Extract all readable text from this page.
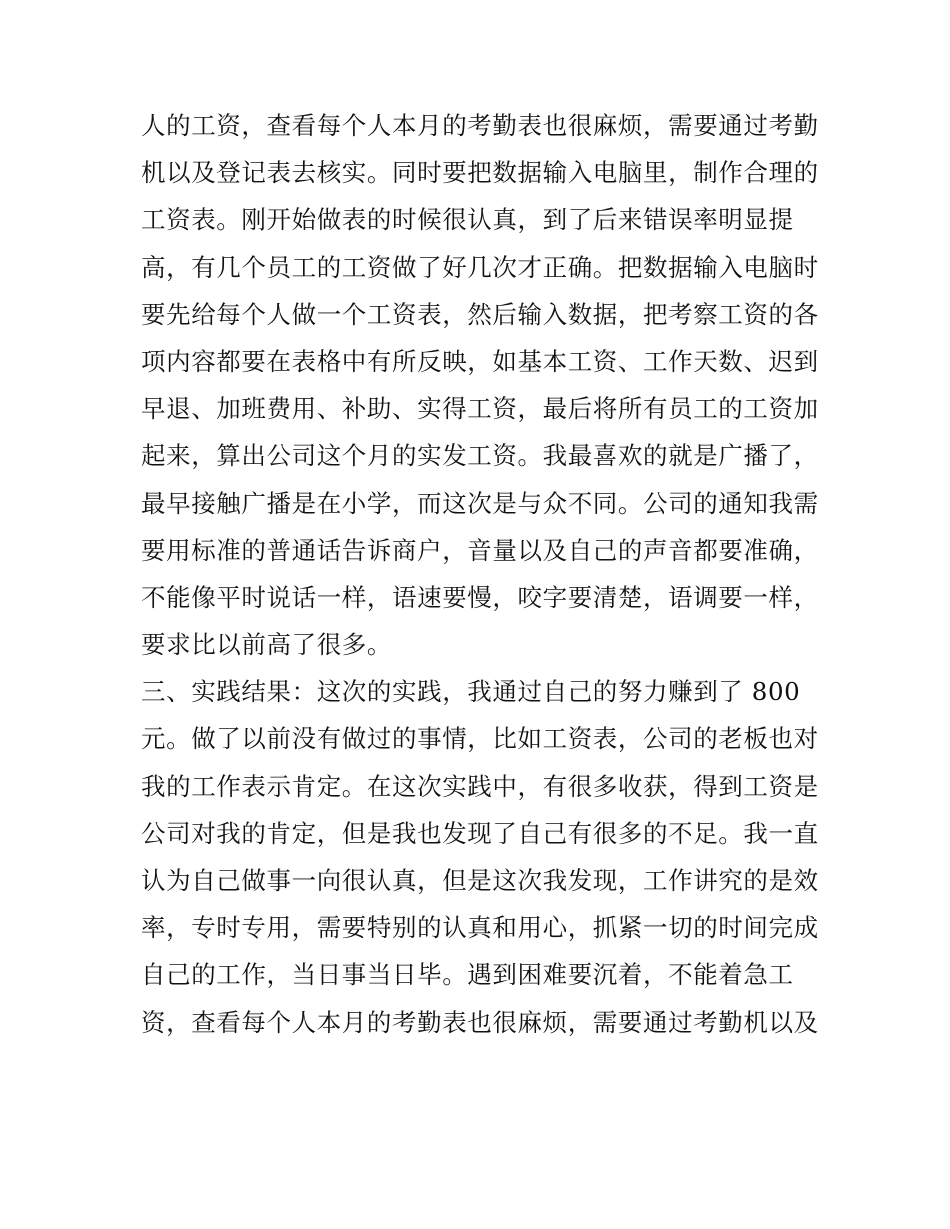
人的工资，查看每个人本月的考勤表也很麻烦，需要通过考勤
机以及登记表去核实。同时要把数据输入电脑里，制作合理的
工资表。刚开始做表的时候很认真，到了后来错误率明显提
高，有几个员工的工资做了好几次才正确。把数据输入电脑时
要先给每个人做一个工资表，然后输入数据，把考察工资的各
项内容都要在表格中有所反映，如基本工资、工作天数、迟到
早退、加班费用、补助、实得工资，最后将所有员工的工资加
起来，算出公司这个月的实发工资。我最喜欢的就是广播了，
最早接触广播是在小学，而这次是与众不同。公司的通知我需
要用标准的普通话告诉商户，音量以及自己的声音都要准确，
不能像平时说话一样，语速要慢，咬字要清楚，语调要一样，
要求比以前高了很多。
三、实践结果：这次的实践，我通过自己的努力赚到了 800
元。做了以前没有做过的事情，比如工资表，公司的老板也对
我的工作表示肯定。在这次实践中，有很多收获，得到工资是
公司对我的肯定，但是我也发现了自己有很多的不足。我一直
认为自己做事一向很认真，但是这次我发现，工作讲究的是效
率，专时专用，需要特别的认真和用心，抓紧一切的时间完成
自己的工作，当日事当日毕。遇到困难要沉着，不能着急工
资，查看每个人本月的考勤表也很麻烦，需要通过考勤机以及
